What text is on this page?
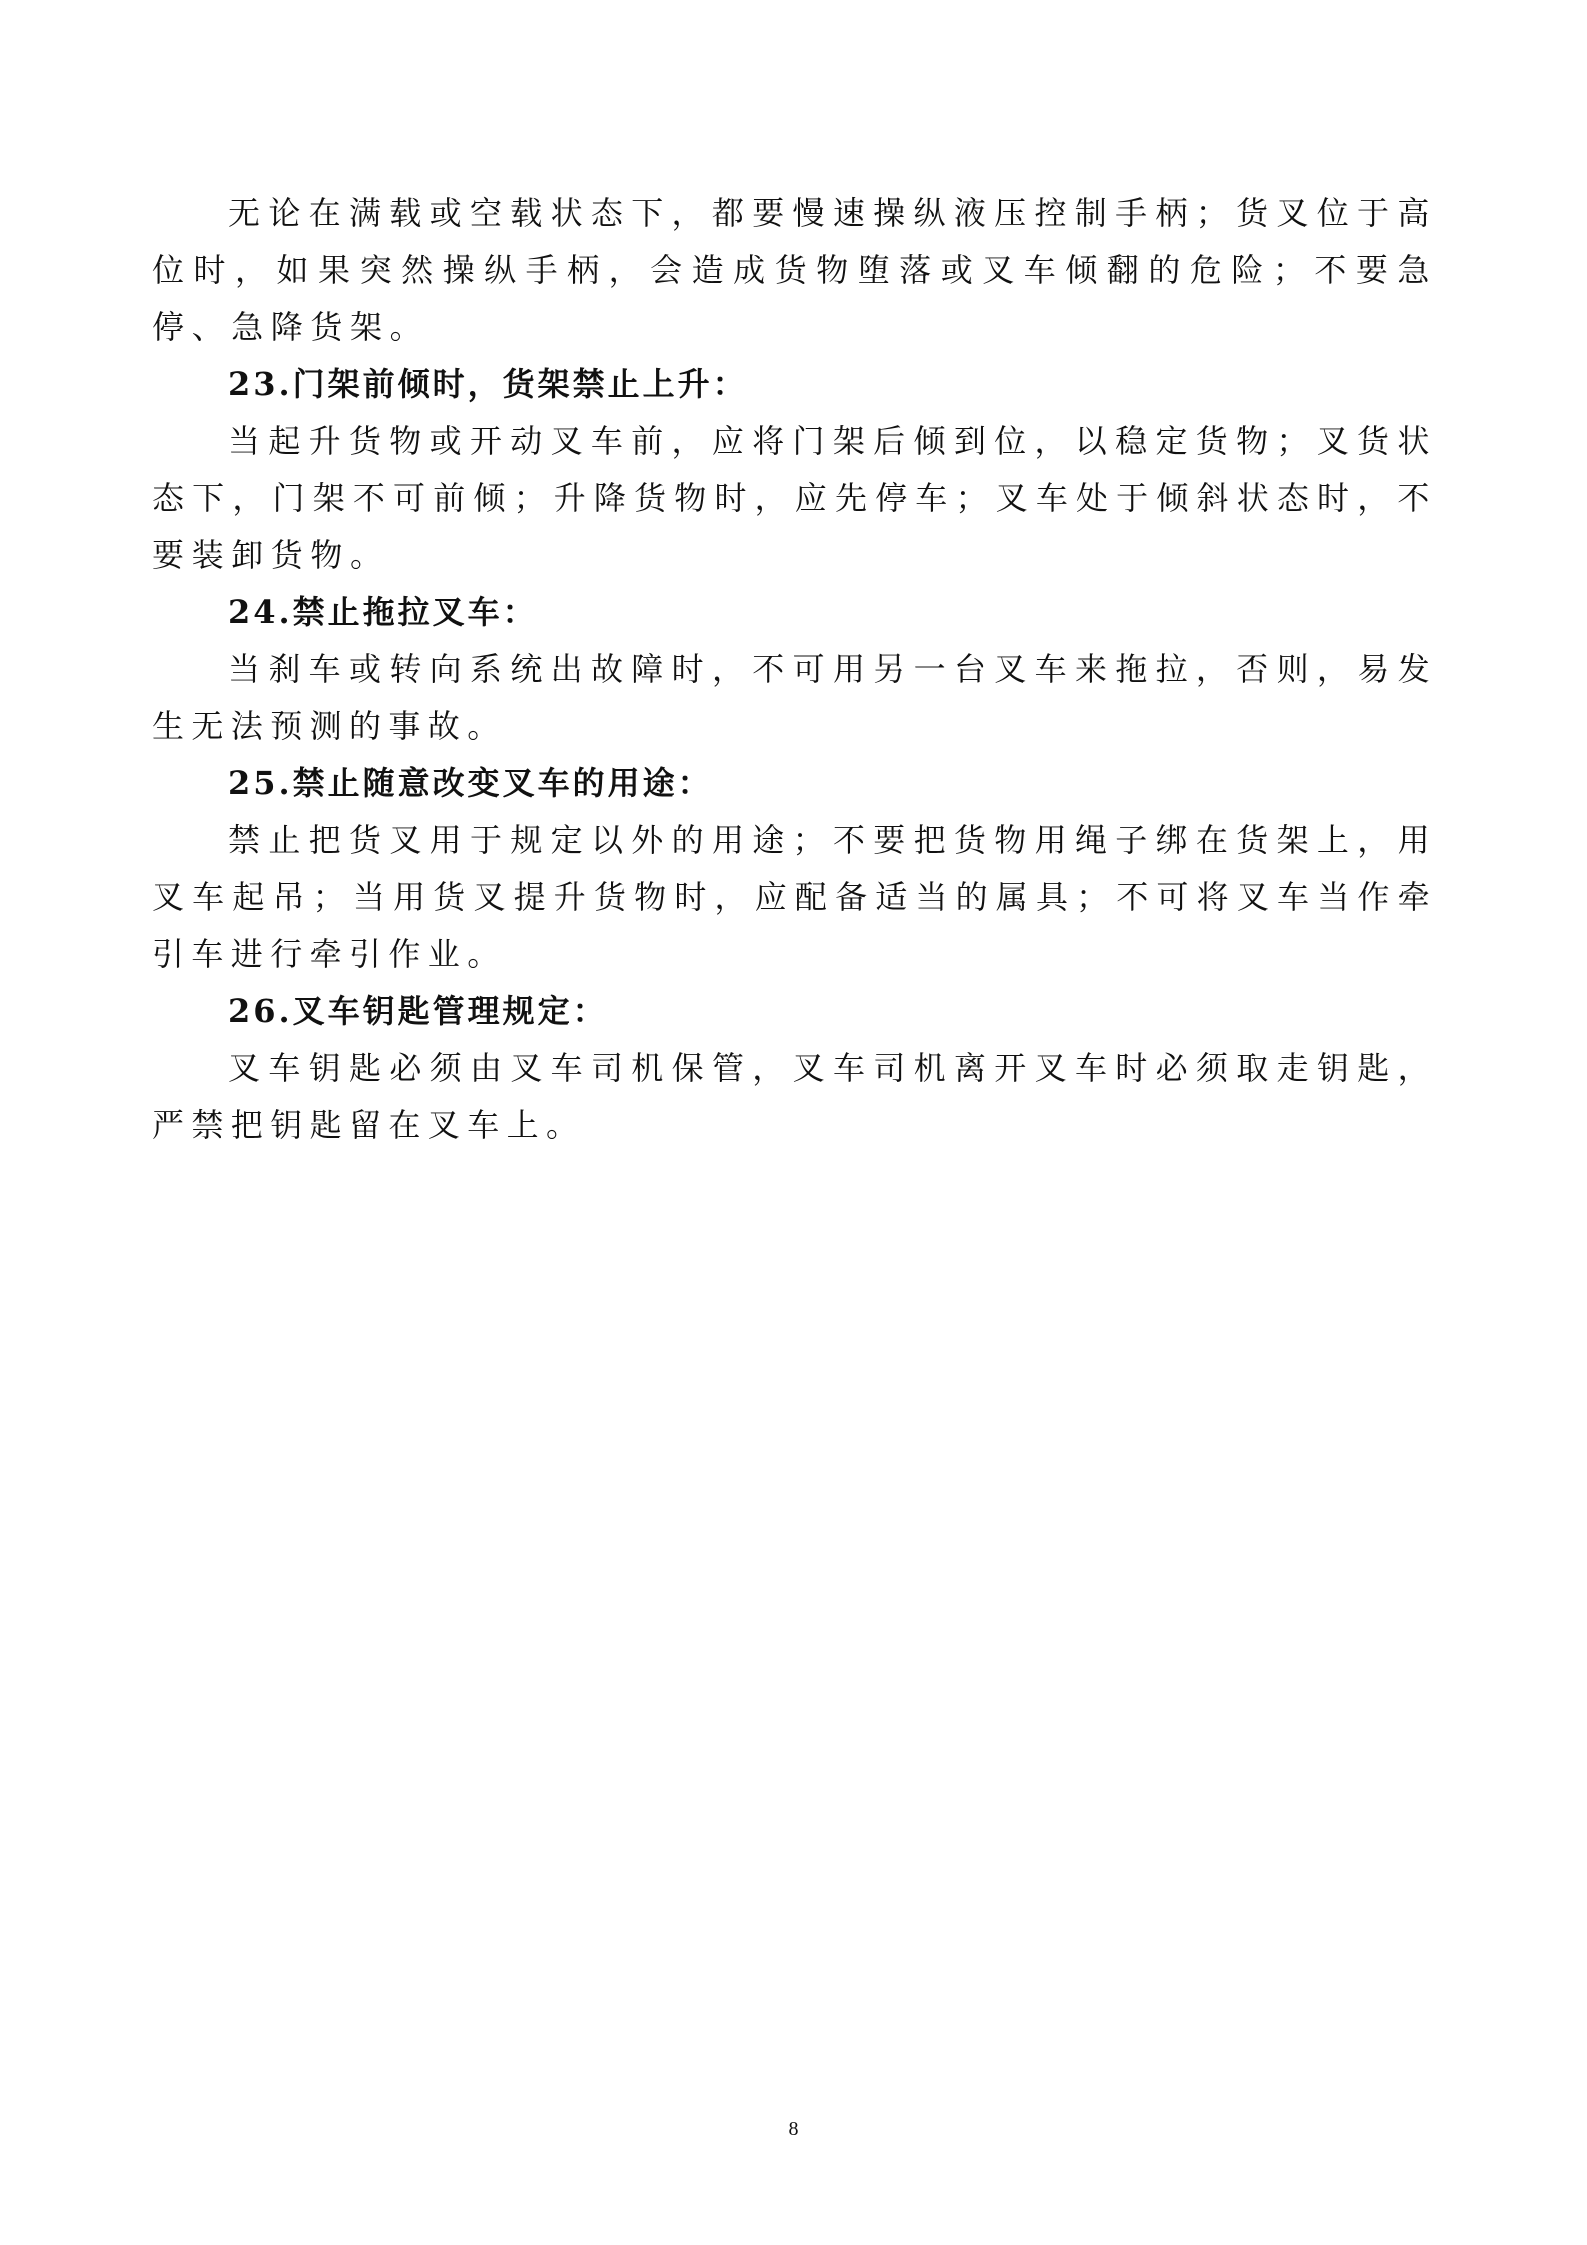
无论在满载或空载状态下，都要慢速操纵液压控制手柄；货叉位于高位时，如果突然操纵手柄，会造成货物堕落或叉车倾翻的危险；不要急停、急降货架。

23.门架前倾时，货架禁止上升：

当起升货物或开动叉车前，应将门架后倾到位，以稳定货物；叉货状态下，门架不可前倾；升降货物时，应先停车；叉车处于倾斜状态时，不要装卸货物。

24.禁止拖拉叉车：

当刹车或转向系统出故障时，不可用另一台叉车来拖拉，否则，易发生无法预测的事故。

25.禁止随意改变叉车的用途：

禁止把货叉用于规定以外的用途；不要把货物用绳子绑在货架上，用叉车起吊；当用货叉提升货物时，应配备适当的属具；不可将叉车当作牵引车进行牵引作业。

26.叉车钥匙管理规定：

叉车钥匙必须由叉车司机保管，叉车司机离开叉车时必须取走钥匙，严禁把钥匙留在叉车上。

8
